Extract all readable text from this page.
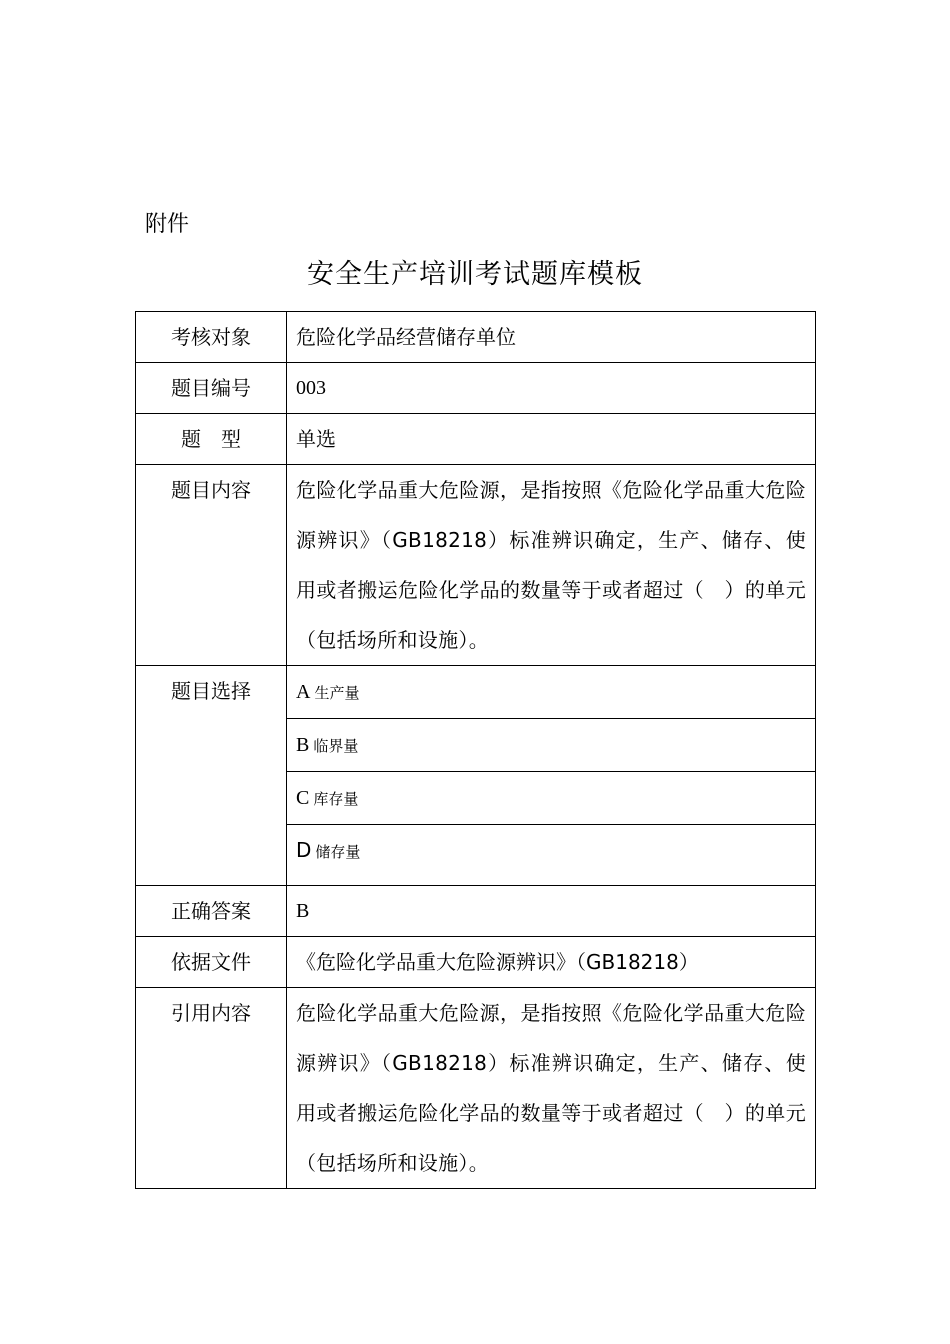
附件
安全生产培训考试题库模板
考核对象	危险化学品经营储存单位
题目编号	003
题　型	单选
题目内容	危险化学品重大危险源，是指按照《危险化学品重大危险源辨识》（GB18218）标准辨识确定，生产、储存、使用或者搬运危险化学品的数量等于或者超过（　）的单元（包括场所和设施）。
题目选择	A 生产量
	B 临界量
	C 库存量
	D 储存量
正确答案	B
依据文件	《危险化学品重大危险源辨识》（GB18218）
引用内容	危险化学品重大危险源，是指按照《危险化学品重大危险源辨识》（GB18218）标准辨识确定，生产、储存、使用或者搬运危险化学品的数量等于或者超过（　）的单元（包括场所和设施）。
